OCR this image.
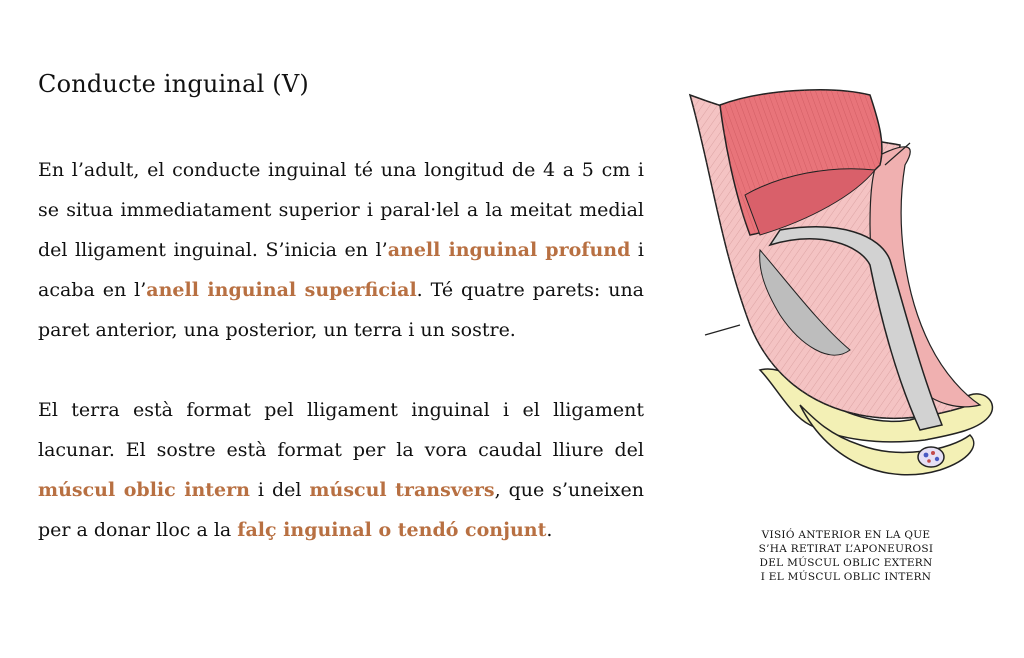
Conducte inguinal (V)

En l’adult, el conducte inguinal té una longitud de 4 a 5 cm i se situa immediatament superior i paral·lel a la meitat medial del lligament inguinal. S’inicia en l’anell inguinal profund i acaba en l’anell inguinal superficial. Té quatre parets: una paret anterior, una posterior, un terra i un sostre.

El terra està format pel lligament inguinal i el lligament lacunar. El sostre està format per la vora caudal lliure del múscul oblic intern i del múscul transvers, que s’uneixen per a donar lloc a la falç inguinal o tendó conjunt.	VISIÓ ANTERIOR EN LA QUE
S’HA RETIRAT L’APONEUROSI
DEL MÚSCUL OBLIC EXTERN
I EL MÚSCUL OBLIC INTERN
